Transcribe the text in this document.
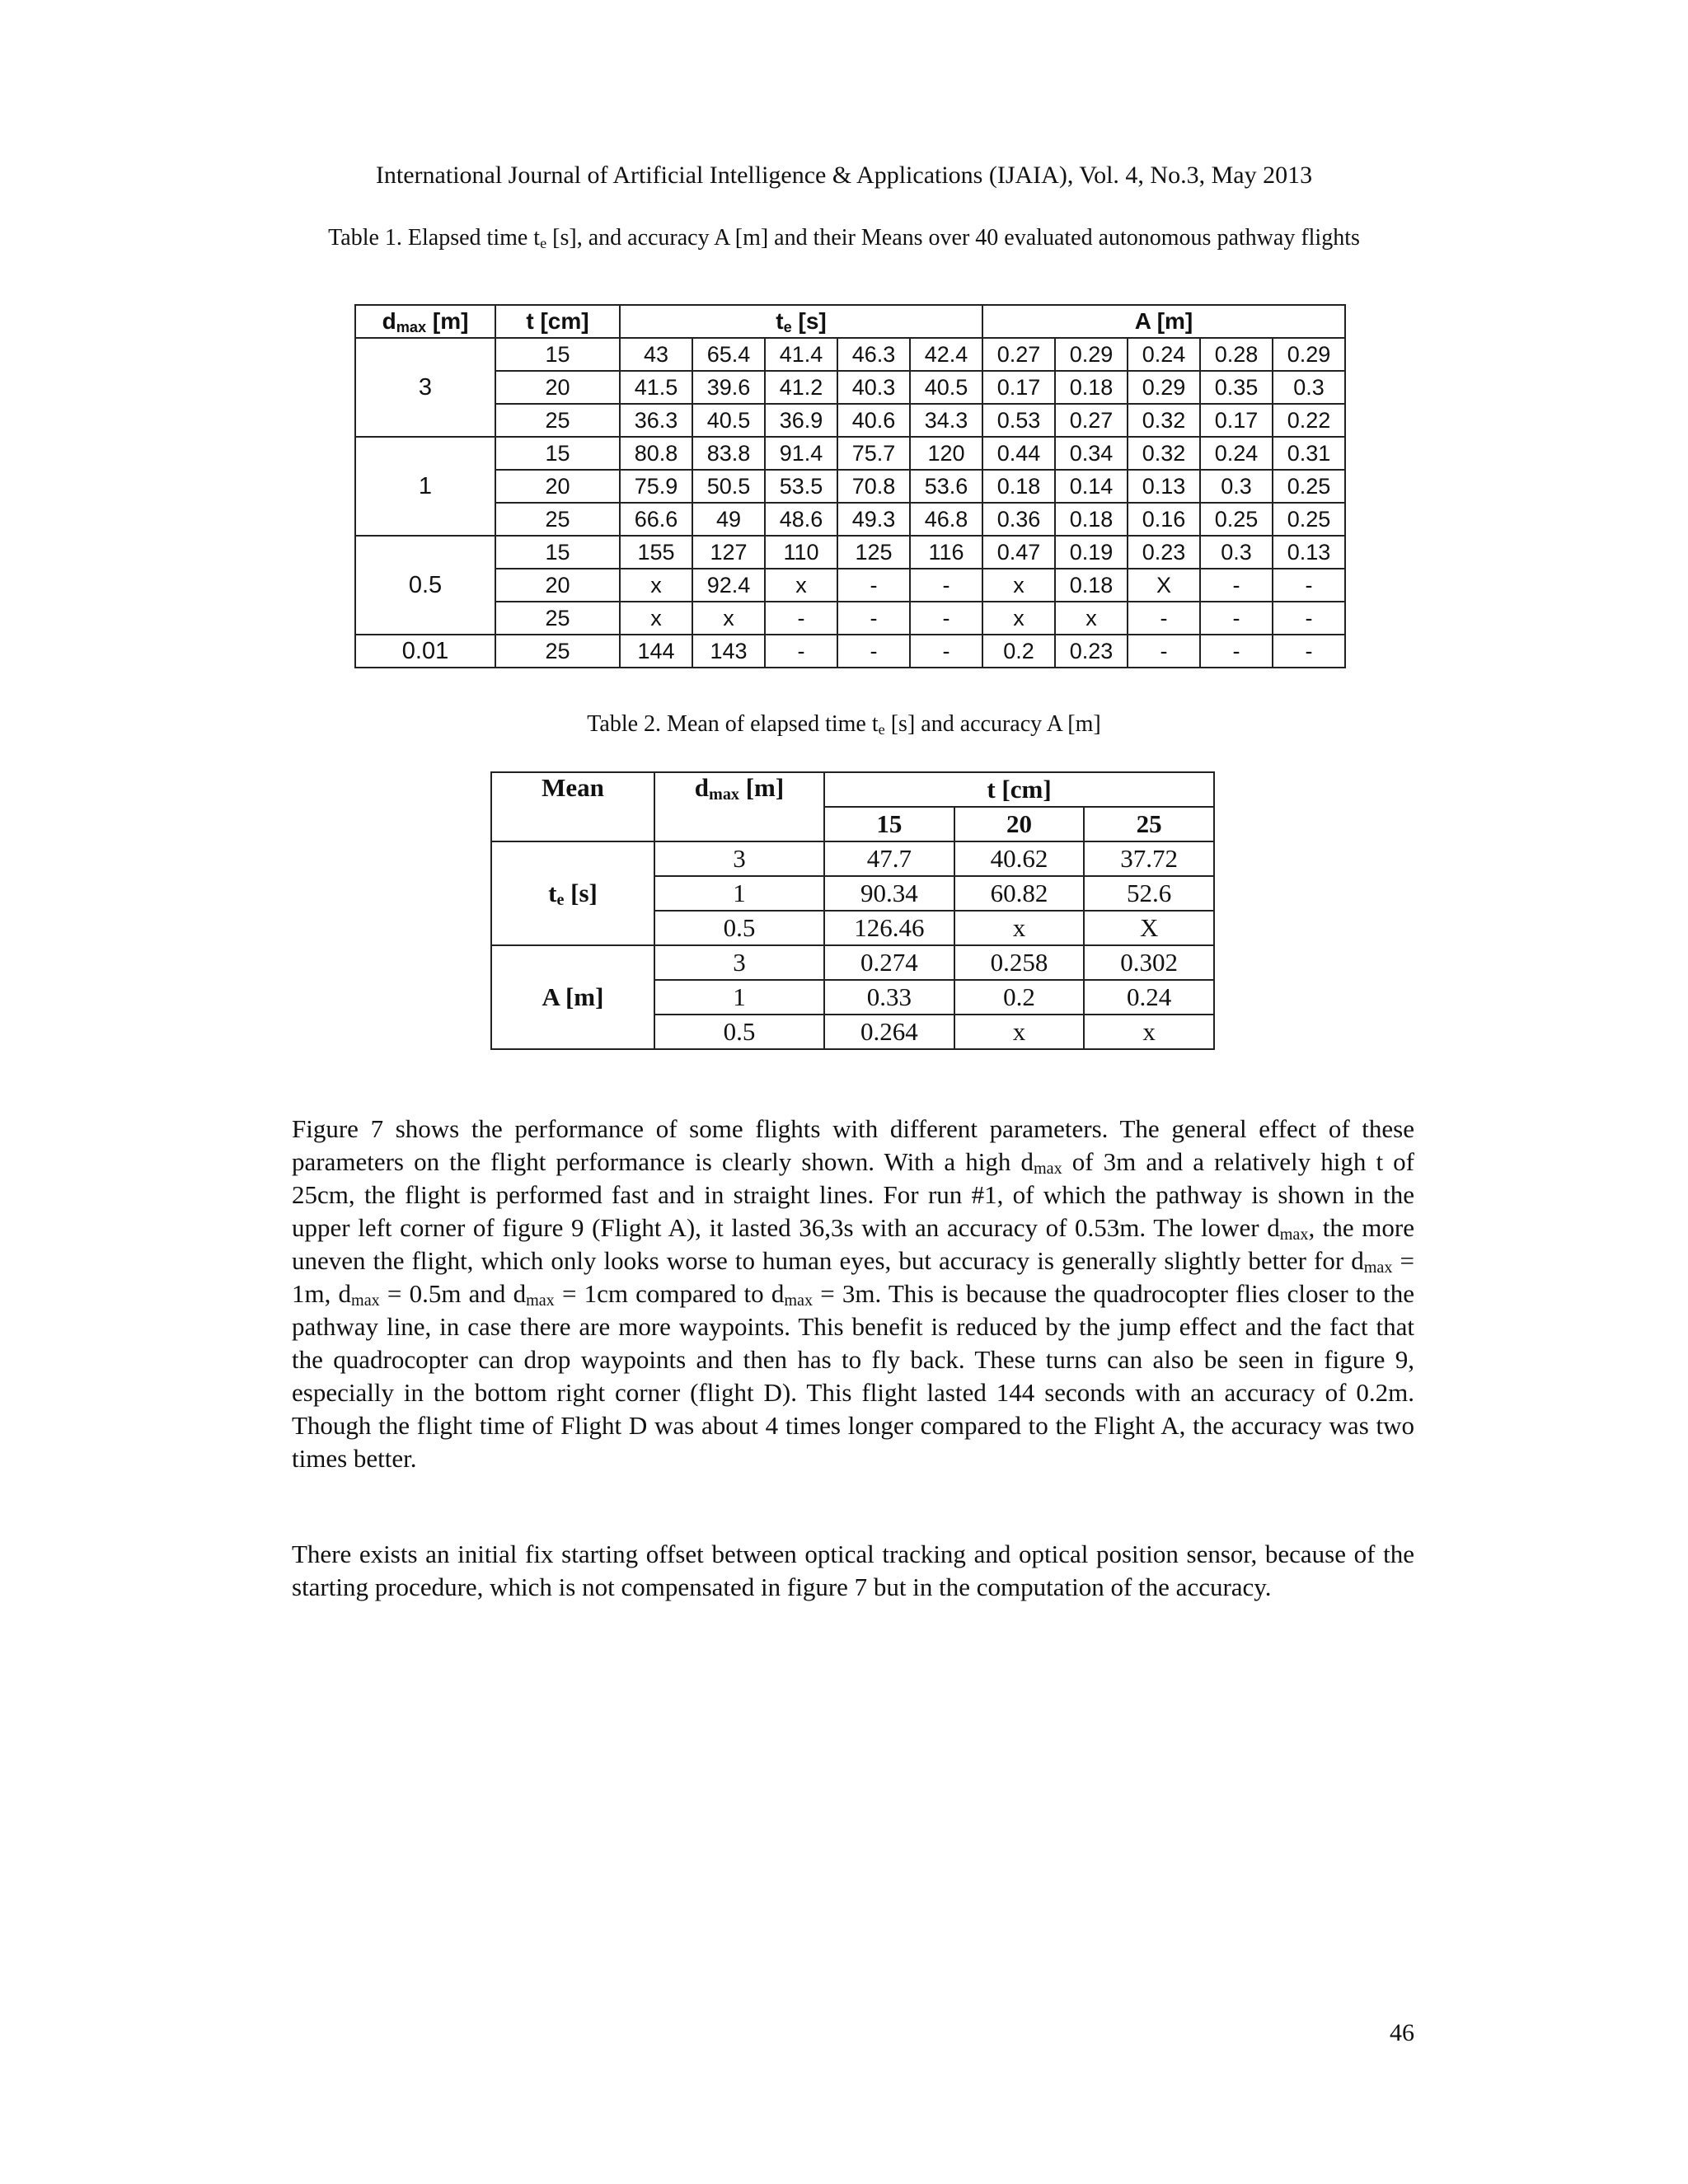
International Journal of Artificial Intelligence & Applications (IJAIA), Vol. 4, No.3, May 2013
Table 1. Elapsed time $t_e$ [s], and accuracy A [m] and their Means over 40 evaluated autonomous pathway flights
$d_{max}$ [m]	t [cm]	$t_e$ [s]					A [m]				
3	15	43	65.4	41.4	46.3	42.4	0.27	0.29	0.24	0.28	0.29
	20	41.5	39.6	41.2	40.3	40.5	0.17	0.18	0.29	0.35	0.3
	25	36.3	40.5	36.9	40.6	34.3	0.53	0.27	0.32	0.17	0.22
1	15	80.8	83.8	91.4	75.7	120	0.44	0.34	0.32	0.24	0.31
	20	75.9	50.5	53.5	70.8	53.6	0.18	0.14	0.13	0.3	0.25
	25	66.6	49	48.6	49.3	46.8	0.36	0.18	0.16	0.25	0.25
0.5	15	155	127	110	125	116	0.47	0.19	0.23	0.3	0.13
	20	x	92.4	x	-	-	x	0.18	X	-	-
	25	x	x	-	-	-	x	x	-	-	-
0.01	25	144	143	-	-	-	0.2	0.23	-	-	-
Table 2. Mean of elapsed time $t_e$ [s] and accuracy A [m]
Mean	$d_{max}$ [m]	t [cm]		
		15	20	25
$t_e$ [s]	3	47.7	40.62	37.72
	1	90.34	60.82	52.6
	0.5	126.46	x	X
A [m]	3	0.274	0.258	0.302
	1	0.33	0.2	0.24
	0.5	0.264	x	x
Figure 7 shows the performance of some flights with different parameters. The general effect of these parameters on the flight performance is clearly shown. With a high $d_{max}$ of 3m and a relatively high t of 25cm, the flight is performed fast and in straight lines. For run #1, of which the pathway is shown in the upper left corner of figure 9 (Flight A), it lasted 36,3s with an accuracy of 0.53m. The lower $d_{max}$, the more uneven the flight, which only looks worse to human eyes, but accuracy is generally slightly better for $d_{max} = 1m$, $d_{max} = 0.5m$ and $d_{max} = 1cm$ compared to $d_{max} = 3m$. This is because the quadrocopter flies closer to the pathway line, in case there are more waypoints. This benefit is reduced by the jump effect and the fact that the quadrocopter can drop waypoints and then has to fly back. These turns can also be seen in figure 9, especially in the bottom right corner (flight D). This flight lasted 144 seconds with an accuracy of 0.2m. Though the flight time of Flight D was about 4 times longer compared to the Flight A, the accuracy was two times better.
There exists an initial fix starting offset between optical tracking and optical position sensor, because of the starting procedure, which is not compensated in figure 7 but in the computation of the accuracy.
46
